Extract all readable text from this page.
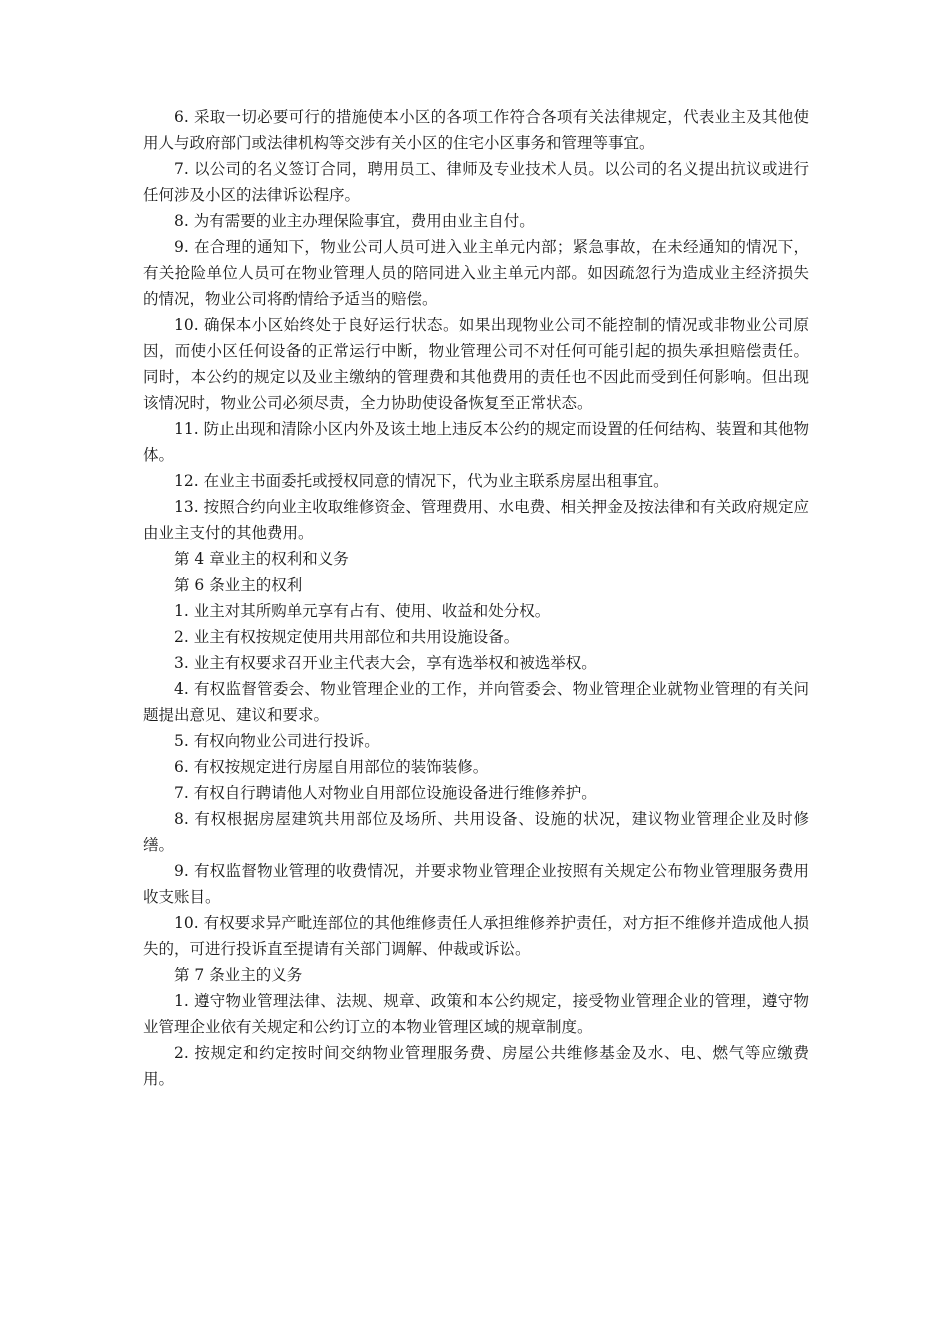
6. 采取一切必要可行的措施使本小区的各项工作符合各项有关法律规定，代表业主及其他使用人与政府部门或法律机构等交涉有关小区的住宅小区事务和管理等事宜。

7. 以公司的名义签订合同，聘用员工、律师及专业技术人员。以公司的名义提出抗议或进行任何涉及小区的法律诉讼程序。

8. 为有需要的业主办理保险事宜，费用由业主自付。

9. 在合理的通知下，物业公司人员可进入业主单元内部；紧急事故，在未经通知的情况下，有关抢险单位人员可在物业管理人员的陪同进入业主单元内部。如因疏忽行为造成业主经济损失的情况，物业公司将酌情给予适当的赔偿。

10. 确保本小区始终处于良好运行状态。如果出现物业公司不能控制的情况或非物业公司原因，而使小区任何设备的正常运行中断，物业管理公司不对任何可能引起的损失承担赔偿责任。同时，本公约的规定以及业主缴纳的管理费和其他费用的责任也不因此而受到任何影响。但出现该情况时，物业公司必须尽责，全力协助使设备恢复至正常状态。

11. 防止出现和清除小区内外及该土地上违反本公约的规定而设置的任何结构、装置和其他物体。

12. 在业主书面委托或授权同意的情况下，代为业主联系房屋出租事宜。

13. 按照合约向业主收取维修资金、管理费用、水电费、相关押金及按法律和有关政府规定应由业主支付的其他费用。

第 4 章业主的权利和义务

第 6 条业主的权利

1. 业主对其所购单元享有占有、使用、收益和处分权。

2. 业主有权按规定使用共用部位和共用设施设备。

3. 业主有权要求召开业主代表大会，享有选举权和被选举权。

4. 有权监督管委会、物业管理企业的工作，并向管委会、物业管理企业就物业管理的有关问题提出意见、建议和要求。

5. 有权向物业公司进行投诉。

6. 有权按规定进行房屋自用部位的装饰装修。

7. 有权自行聘请他人对物业自用部位设施设备进行维修养护。

8. 有权根据房屋建筑共用部位及场所、共用设备、设施的状况，建议物业管理企业及时修缮。

9. 有权监督物业管理的收费情况，并要求物业管理企业按照有关规定公布物业管理服务费用收支账目。

10. 有权要求异产毗连部位的其他维修责任人承担维修养护责任，对方拒不维修并造成他人损失的，可进行投诉直至提请有关部门调解、仲裁或诉讼。

第 7 条业主的义务

1. 遵守物业管理法律、法规、规章、政策和本公约规定，接受物业管理企业的管理，遵守物业管理企业依有关规定和公约订立的本物业管理区域的规章制度。

2. 按规定和约定按时间交纳物业管理服务费、房屋公共维修基金及水、电、燃气等应缴费用。
